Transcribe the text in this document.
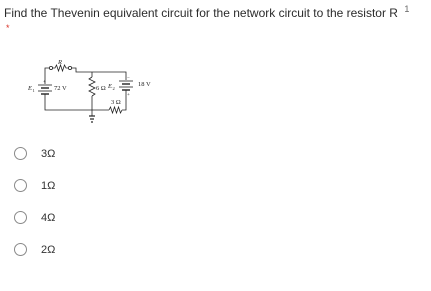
Find the Thevenin equivalent circuit for the network circuit to the resistor R $^1$
*
R
E 1
+
72 V	6 Ω E 2
−
+
18 V
3 Ω
3Ω
1Ω
4Ω
2Ω
